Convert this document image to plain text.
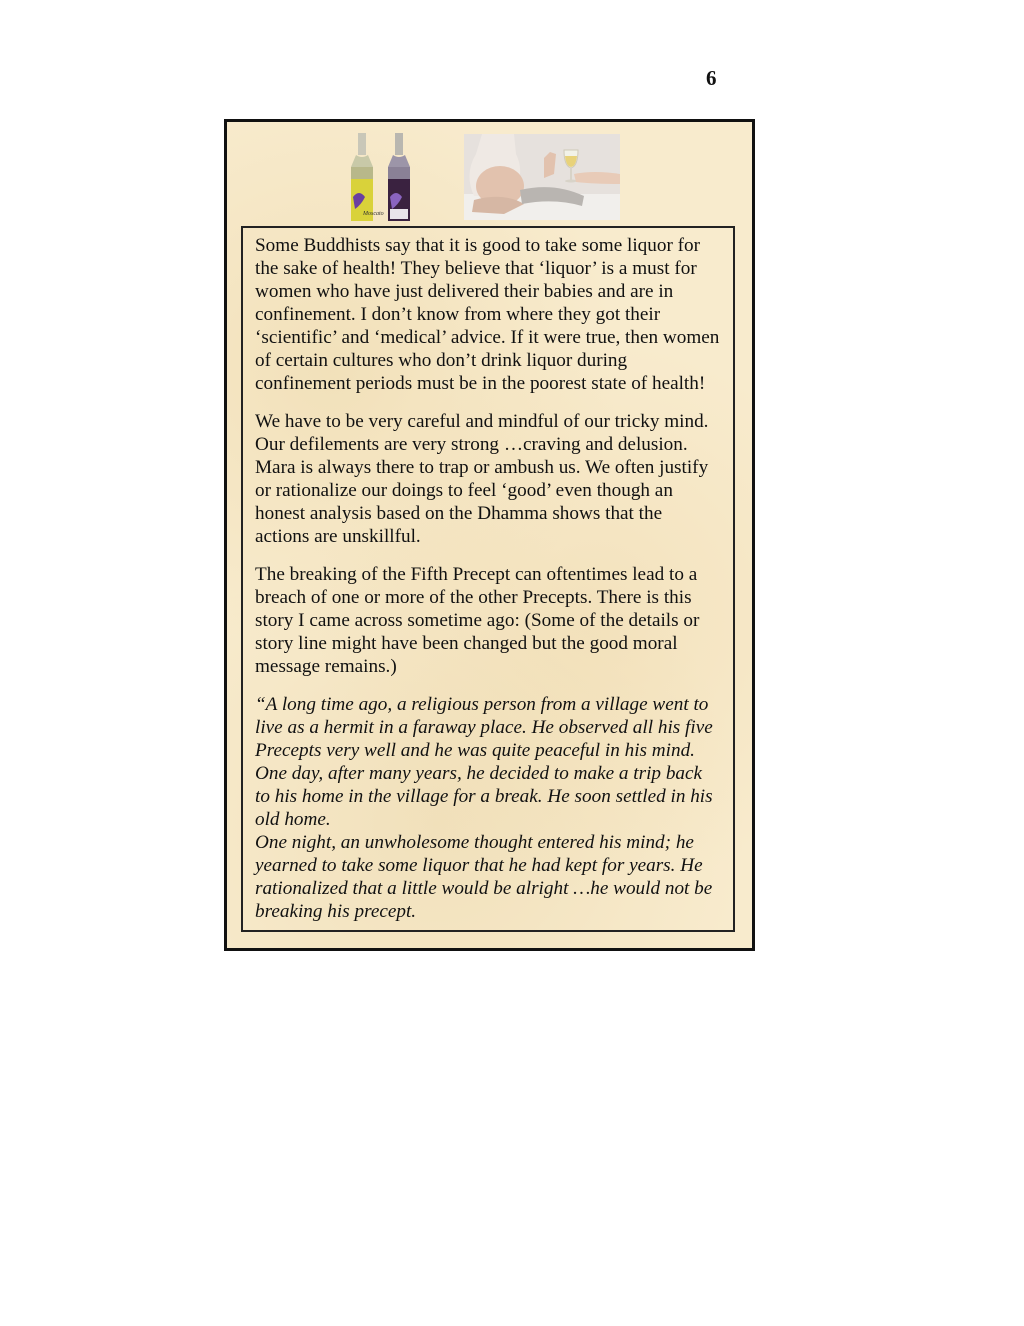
6
Moscato

Some Buddhists say that it is good to take some liquor for the sake of health! They believe that ‘liquor’ is a must for women who have just delivered their babies and are in confinement. I don’t know from where they got their ‘scientific’ and ‘medical’ advice. If it were true, then women of certain cultures who don’t drink liquor during confinement periods must be in the poorest state of health!

We have to be very careful and mindful of our tricky mind. Our defilements are very strong …craving and delusion. Mara is always there to trap or ambush us. We often justify or rationalize our doings to feel ‘good’ even though an honest analysis based on the Dhamma shows that the actions are unskillful.

The breaking of the Fifth Precept can oftentimes lead to a breach of one or more of the other Precepts. There is this story I came across sometime ago: (Some of the details or story line might have been changed but the good moral message remains.)

“A long time ago, a religious person from a village went to live as a hermit in a faraway place. He observed all his five Precepts very well and he was quite peaceful in his mind. One day, after many years, he decided to make a trip back to his home in the village for a break. He soon settled in his old home.
One night, an unwholesome thought entered his mind; he yearned to take some liquor that he had kept for years. He rationalized that a little would be alright …he would not be breaking his precept.
